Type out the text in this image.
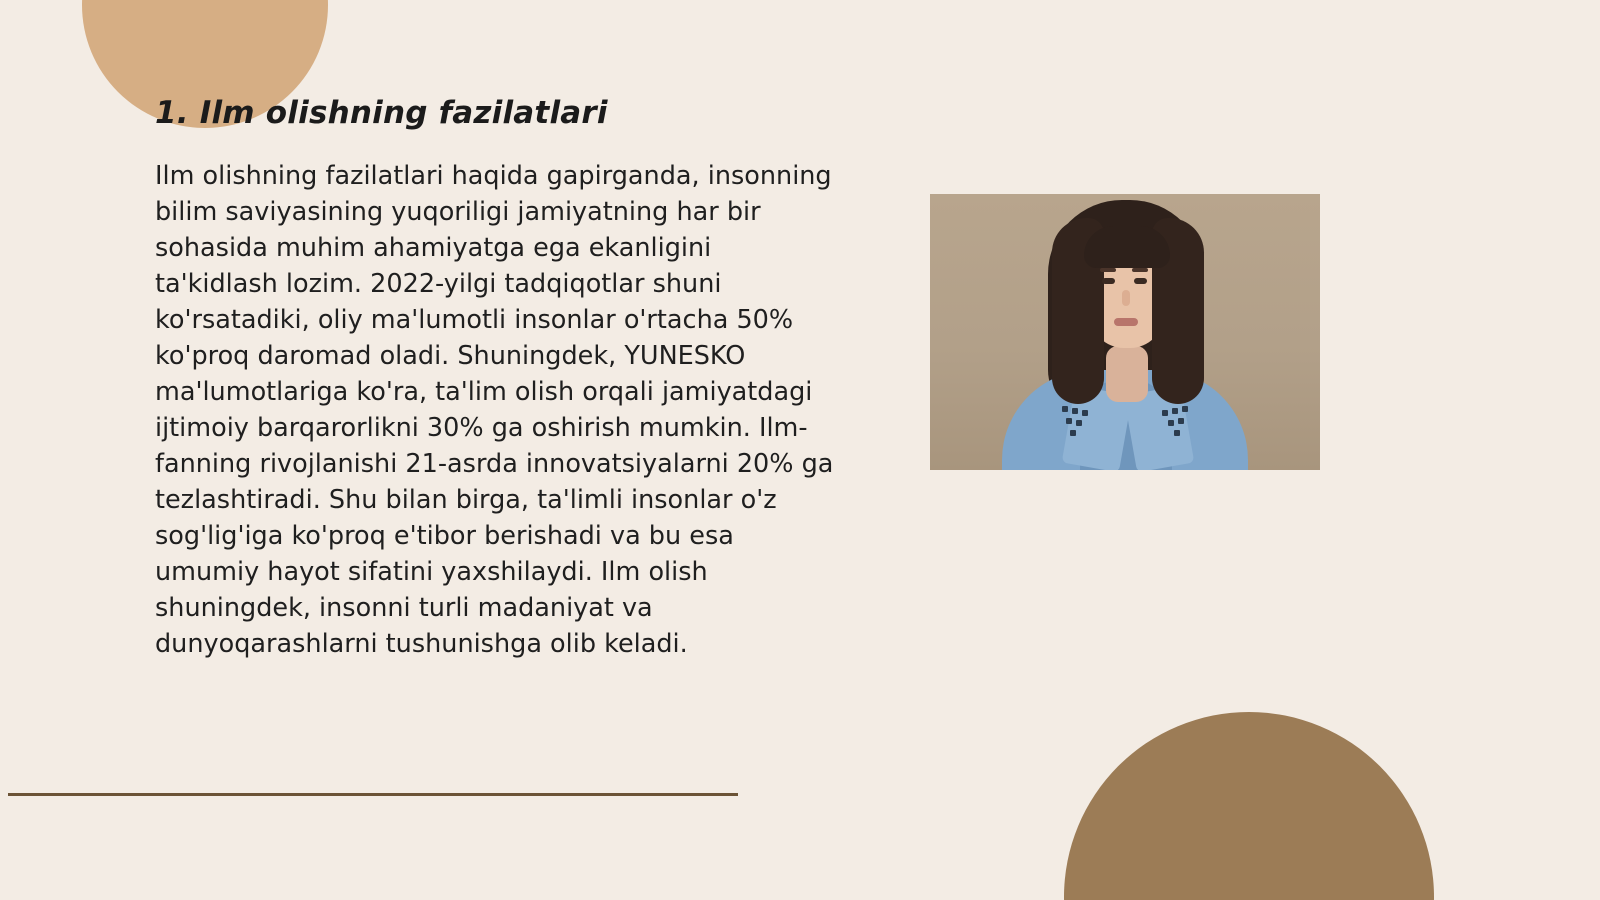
1. Ilm olishning fazilatlari

Ilm olishning fazilatlari haqida gapirganda, insonning bilim saviyasining yuqoriligi jamiyatning har bir sohasida muhim ahamiyatga ega ekanligini ta'kidlash lozim. 2022-yilgi tadqiqotlar shuni ko'rsatadiki, oliy ma'lumotli insonlar o'rtacha 50% ko'proq daromad oladi. Shuningdek, YUNESKO ma'lumotlariga ko'ra, ta'lim olish orqali jamiyatdagi ijtimoiy barqarorlikni 30% ga oshirish mumkin. Ilm-fanning rivojlanishi 21-asrda innovatsiyalarni 20% ga tezlashtiradi. Shu bilan birga, ta'limli insonlar o'z sog'lig'iga ko'proq e'tibor berishadi va bu esa umumiy hayot sifatini yaxshilaydi. Ilm olish shuningdek, insonni turli madaniyat va dunyoqarashlarni tushunishga olib keladi.
